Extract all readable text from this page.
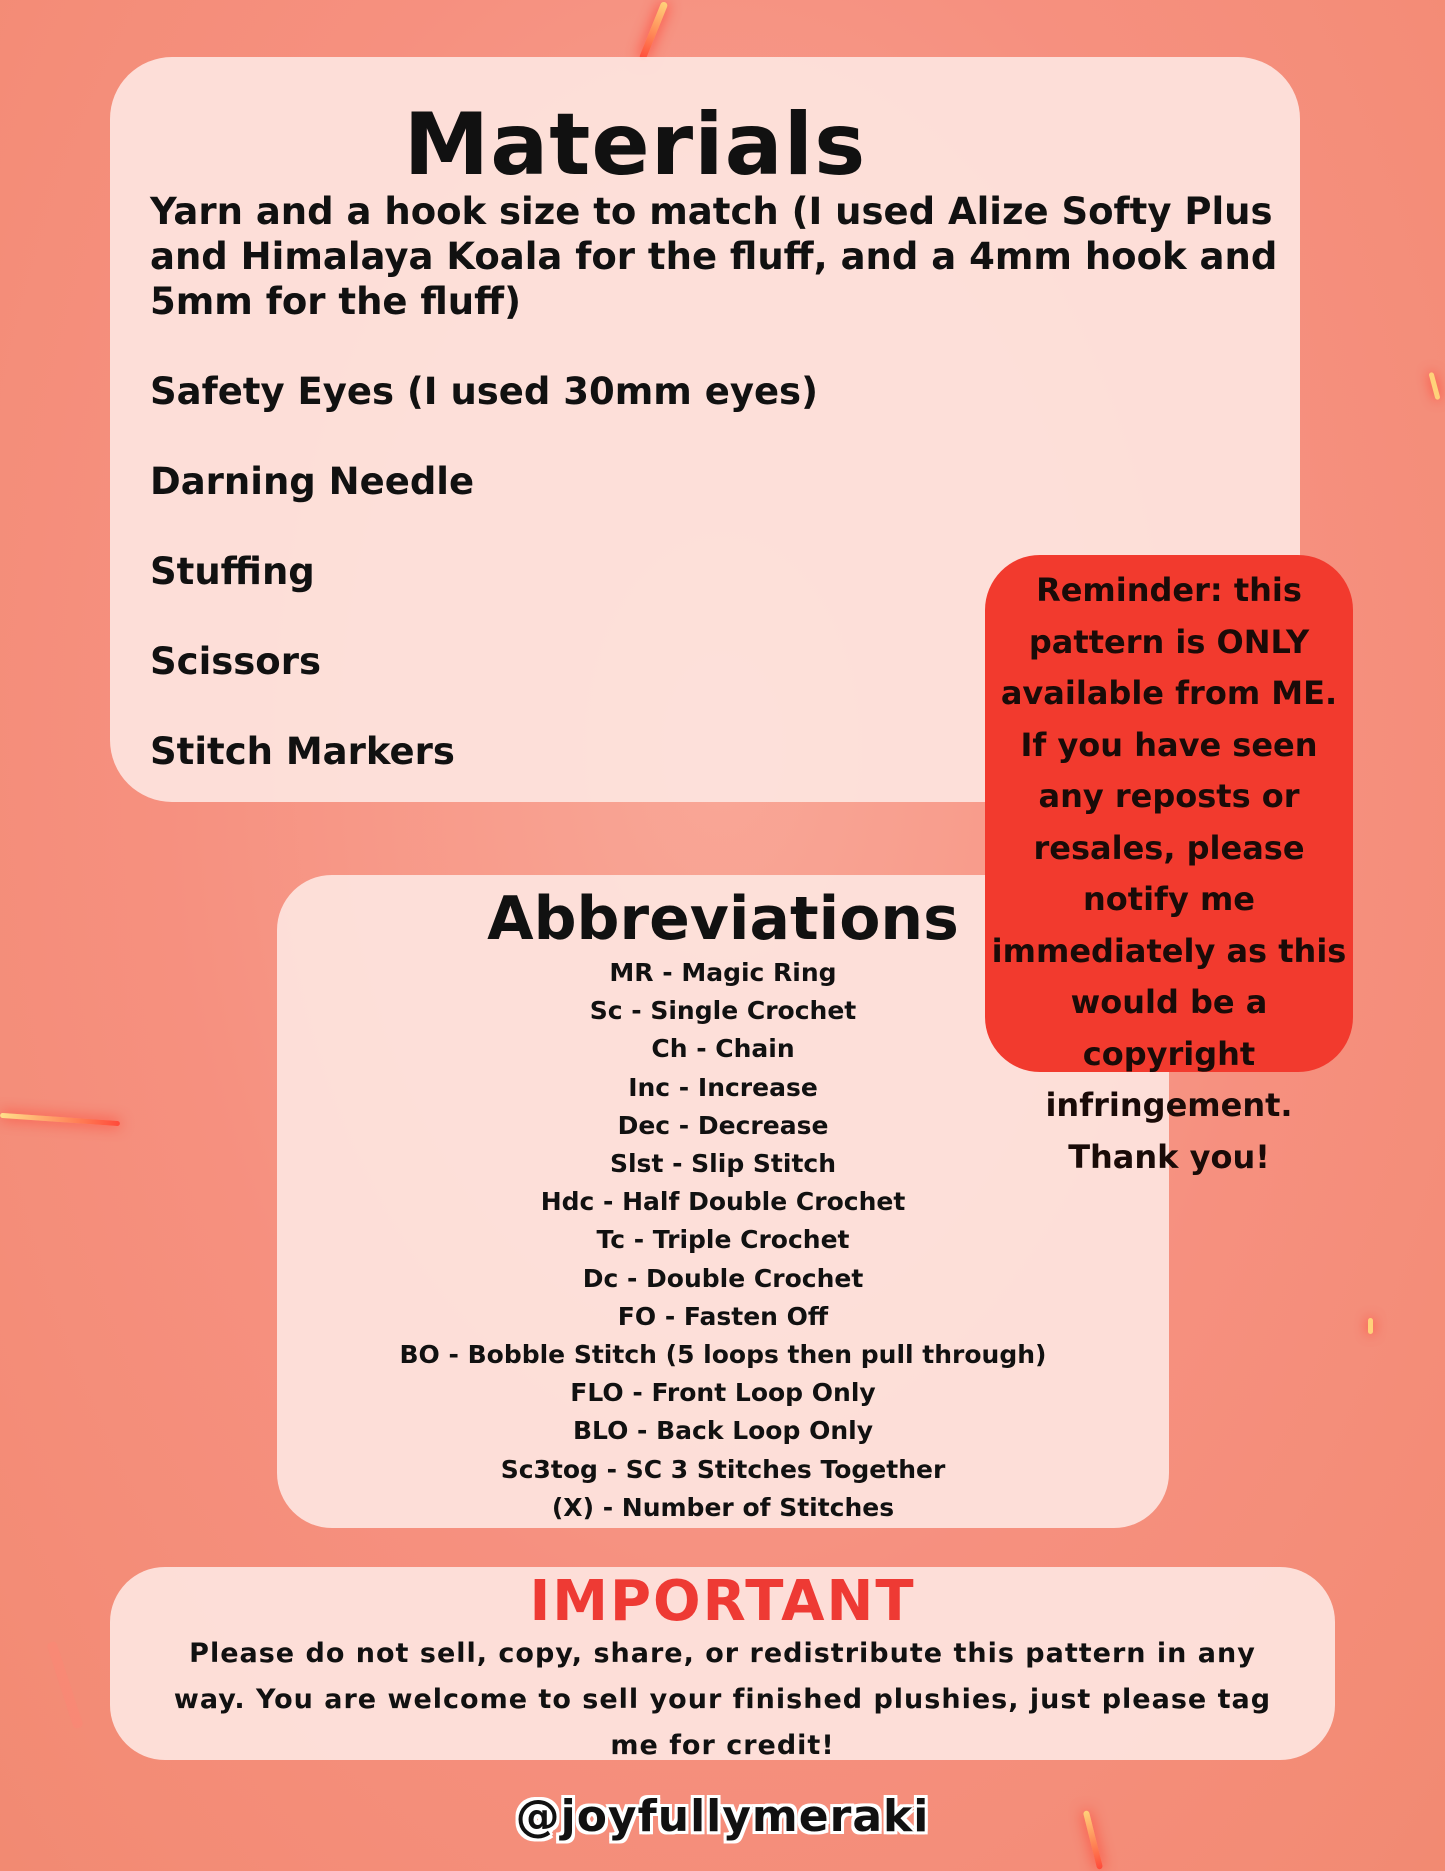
Materials
Yarn and a hook size to match (I used Alize Softy Plus and Himalaya Koala for the fluff, and a 4mm hook and 5mm for the fluff)
Safety Eyes (I used 30mm eyes)
Darning Needle
Stuffing
Scissors
Stitch Markers
Abbreviations
MR - Magic Ring
Sc - Single Crochet
Ch - Chain
Inc - Increase
Dec - Decrease
Slst - Slip Stitch
Hdc - Half Double Crochet
Tc - Triple Crochet
Dc - Double Crochet
FO - Fasten Off
BO - Bobble Stitch (5 loops then pull through)
FLO - Front Loop Only
BLO - Back Loop Only
Sc3tog - SC 3 Stitches Together
(X) - Number of Stitches
Reminder: this pattern is ONLY available from ME. If you have seen any reposts or resales, please notify me immediately as this would be a copyright infringement. Thank you!
IMPORTANT
Please do not sell, copy, share, or redistribute this pattern in any way. You are welcome to sell your finished plushies, just please tag me for credit!
@joyfullymeraki
